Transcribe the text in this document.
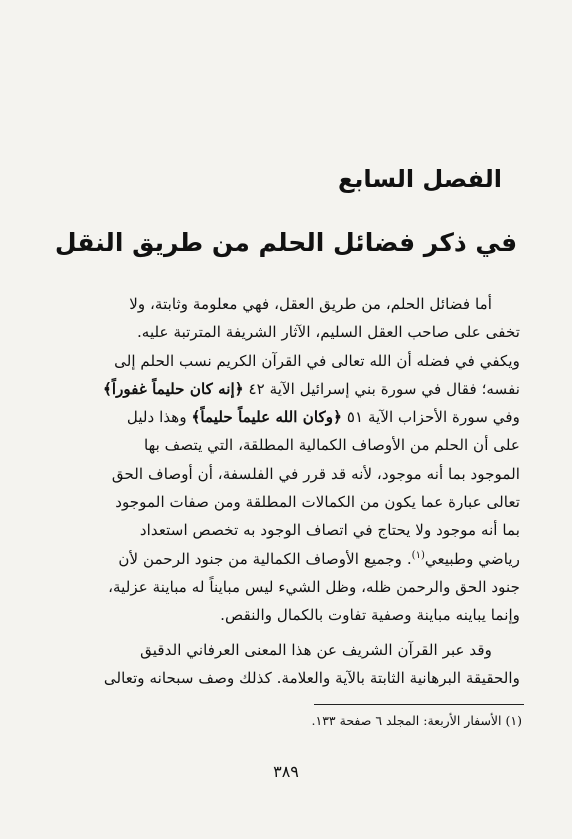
الفصل السابع
في ذكر فضائل الحلم من طريق النقل
أما فضائل الحلم، من طريق العقل، فهي معلومة وثابتة، ولا
تخفى على صاحب العقل السليم، الآثار الشريفة المترتبة عليه.
ويكفي في فضله أن الله تعالى في القرآن الكريم نسب الحلم إلى
نفسه؛ فقال في سورة بني إسرائيل الآية ٤٢ ﴿إنه كان حليماً غفوراً﴾
وفي سورة الأحزاب الآية ٥١ ﴿وكان الله عليماً حليماً﴾ وهذا دليل
على أن الحلم من الأوصاف الكمالية المطلقة، التي يتصف بها
الموجود بما أنه موجود، لأنه قد قرر في الفلسفة، أن أوصاف الحق
تعالى عبارة عما يكون من الكمالات المطلقة ومن صفات الموجود
بما أنه موجود ولا يحتاج في اتصاف الوجود به تخصص استعداد
رياضي وطبيعي$^{(١)}$. وجميع الأوصاف الكمالية من جنود الرحمن لأن
جنود الحق والرحمن ظله، وظل الشيء ليس مبايناً له مباينة عزلية،
وإنما يباينه مباينة وصفية تفاوت بالكمال والنقص.
وقد عبر القرآن الشريف عن هذا المعنى العرفاني الدقيق
والحقيقة البرهانية الثابتة بالآية والعلامة. كذلك وصف سبحانه وتعالى
(١) الأسفار الأربعة: المجلد ٦ صفحة ١٣٣.
٣٨٩
